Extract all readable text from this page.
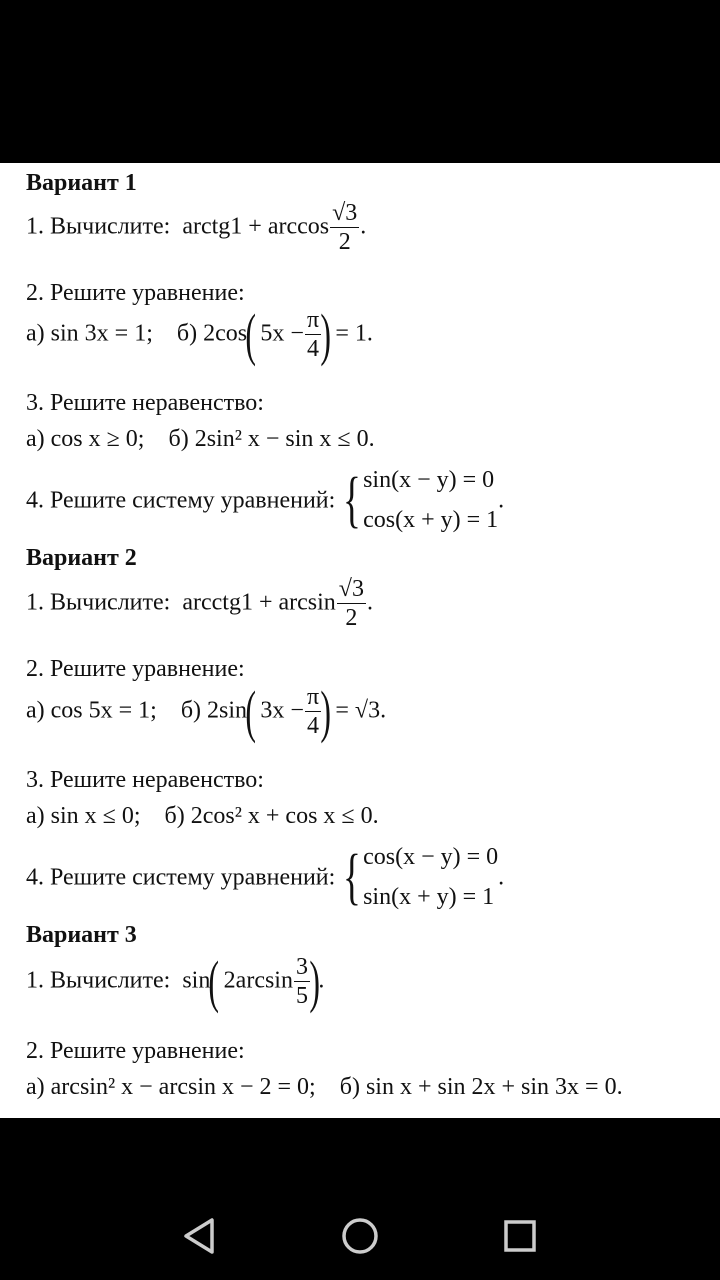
Вариант 1
1. Вычислите: arctg1 + $\arccos \frac{√3}{2}$ .
2. Решите уравнение:
а) sin 3x = 1; б) 2cos( $5x - \frac{\pi}{4}$ ) = 1.
3. Решите неравенство:
а) cos x ≥ 0; б) 2sin² x − sin x ≤ 0.
4. Решите систему уравнений: { sin(x − y) = 0
cos(x + y) = 1
.
Вариант 2
1. Вычислите: arcctg1 + $\arcsin \frac{√3}{2}$ .
2. Решите уравнение:
а) cos 5x = 1; б) 2sin( $3x - \frac{\pi}{4}$ ) = √3.
3. Решите неравенство:
а) sin x ≤ 0; б) 2cos² x + cos x ≤ 0.
4. Решите систему уравнений: { cos(x − y) = 0
sin(x + y) = 1
.
Вариант 3
1. Вычислите: sin( $2\arcsin \frac{3}{5}$ ).
2. Решите уравнение:
а) arcsin² x − arcsin x − 2 = 0; б) sin x + sin 2x + sin 3x = 0.
